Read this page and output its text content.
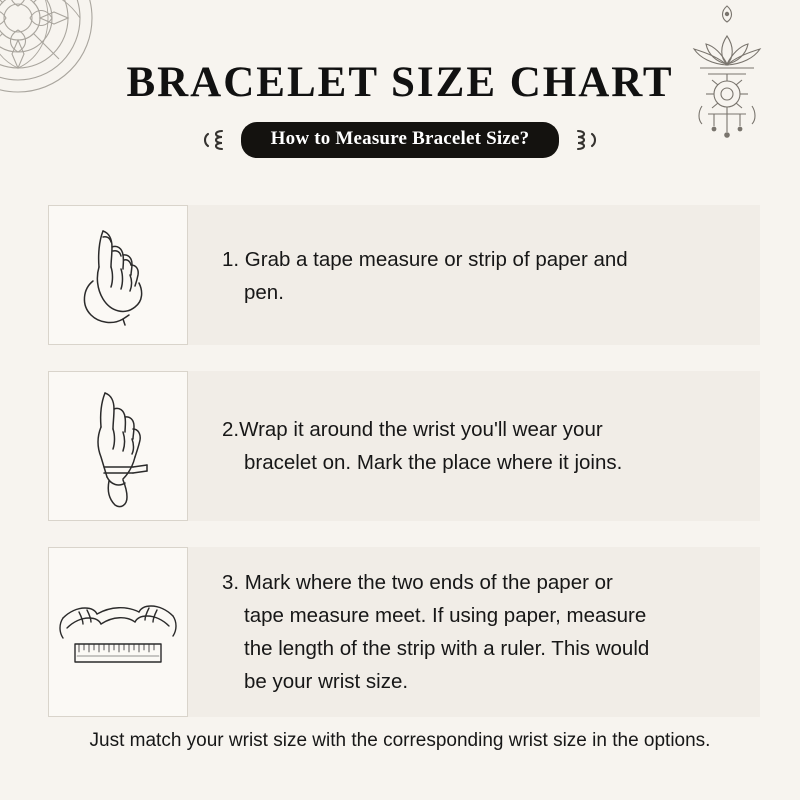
BRACELET SIZE CHART
How to Measure Bracelet Size?

1. Grab a tape measure or strip of paper and
pen.

2.Wrap it around the wrist you'll wear your
bracelet on. Mark the place where it joins.

3. Mark where the two ends of the paper or
tape measure meet. If using paper, measure
the length of the strip with a ruler. This would
be your wrist size.

Just match your wrist size with the corresponding wrist size in the options.
